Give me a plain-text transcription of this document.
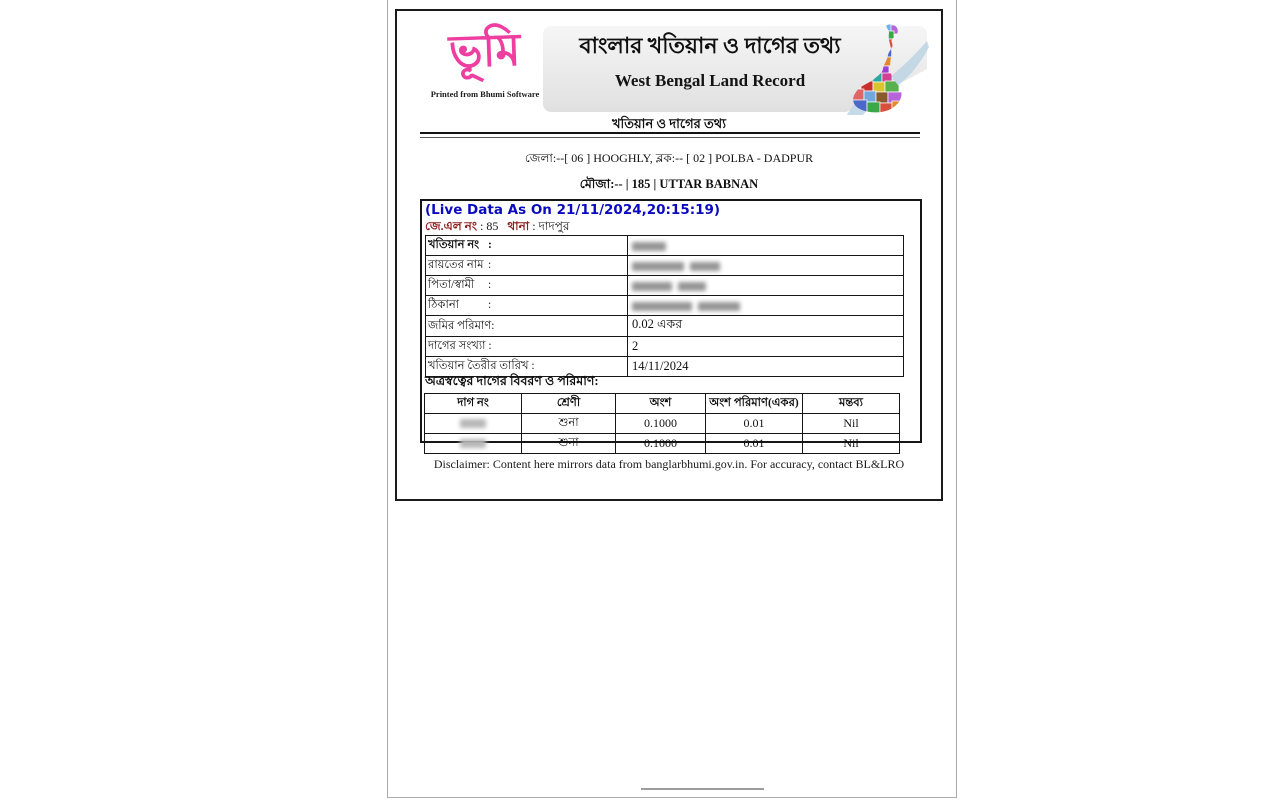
ভূমি
Printed from Bhumi Software
বাংলার খতিয়ান ও দাগের তথ্য
West Bengal Land Record
খতিয়ান ও দাগের তথ্য
জেলা:--[ 06 ] HOOGHLY, ব্লক:-- [ 02 ] POLBA - DADPUR
মৌজা:-- | 185 | UTTAR BABNAN
(Live Data As On 21/11/2024,20:15:19)
জে.এল নং : 85 থানা : দাদপুর
খতিয়ান নং :	
রায়তের নাম :	
পিতা/স্বামী :	
ঠিকানা :	
জমির পরিমাণ:	0.02 একর
দাগের সংখ্যা :	2
খতিয়ান তৈরীর তারিখ :	14/11/2024
অত্রস্বত্বের দাগের বিবরণ ও পরিমাণ:
দাগ নং	শ্রেণী	অংশ	অংশ পরিমাণ(একর)	মন্তব্য
	শুনা	0.1000	0.01	Nil
	শুনা	0.1000	0.01	Nil
Disclaimer: Content here mirrors data from banglarbhumi.gov.in. For accuracy, contact BL&LRO
